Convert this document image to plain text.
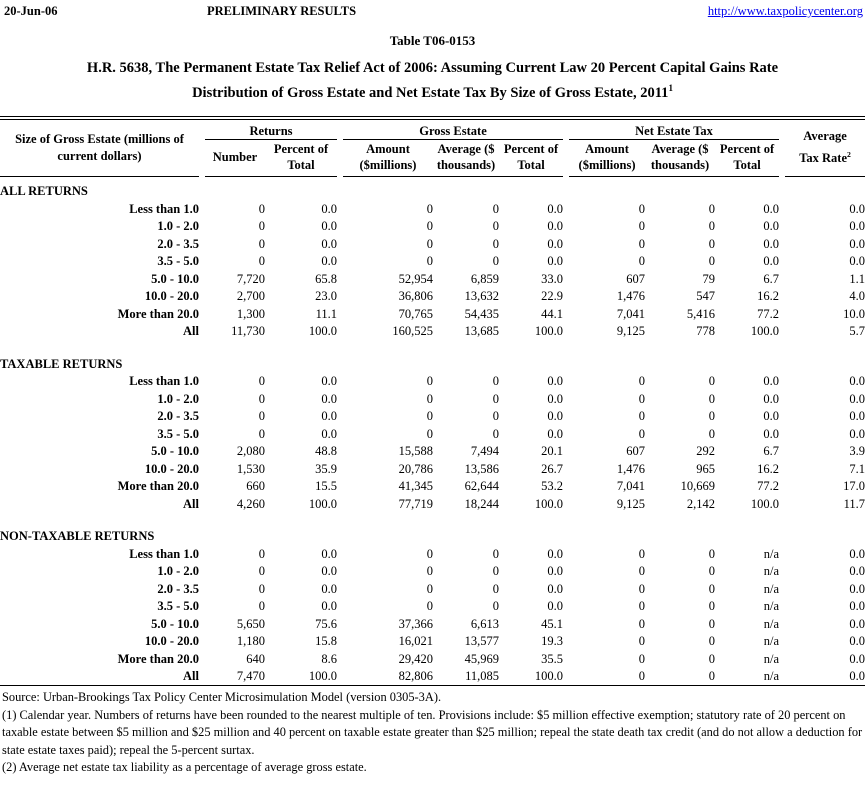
20-Jun-06	PRELIMINARY RESULTS	http://www.taxpolicycenter.org
Table T06-0153
H.R. 5638, The Permanent Estate Tax Relief Act of 2006: Assuming Current Law 20 Percent Capital Gains Rate
Distribution of Gross Estate and Net Estate Tax By Size of Gross Estate, 2011$^1$
Size of Gross Estate (millions of
current dollars)		Returns			Gross Estate				Net Estate Tax				Average
Tax Rate$^2$
		Number	Percent of Total		Amount ($millions)	Average ($ thousands)	Percent of Total		Amount ($millions)	Average ($ thousands)	Percent of Total		

ALL RETURNS													
Less than 1.0		0	0.0		0	0	0.0		0	0	0.0		0.0
1.0 - 2.0		0	0.0		0	0	0.0		0	0	0.0		0.0
2.0 - 3.5		0	0.0		0	0	0.0		0	0	0.0		0.0
3.5 - 5.0		0	0.0		0	0	0.0		0	0	0.0		0.0
5.0 - 10.0		7,720	65.8		52,954	6,859	33.0		607	79	6.7		1.1
10.0 - 20.0		2,700	23.0		36,806	13,632	22.9		1,476	547	16.2		4.0
More than 20.0		1,300	11.1		70,765	54,435	44.1		7,041	5,416	77.2		10.0
All		11,730	100.0		160,525	13,685	100.0		9,125	778	100.0		5.7

TAXABLE RETURNS													
Less than 1.0		0	0.0		0	0	0.0		0	0	0.0		0.0
1.0 - 2.0		0	0.0		0	0	0.0		0	0	0.0		0.0
2.0 - 3.5		0	0.0		0	0	0.0		0	0	0.0		0.0
3.5 - 5.0		0	0.0		0	0	0.0		0	0	0.0		0.0
5.0 - 10.0		2,080	48.8		15,588	7,494	20.1		607	292	6.7		3.9
10.0 - 20.0		1,530	35.9		20,786	13,586	26.7		1,476	965	16.2		7.1
More than 20.0		660	15.5		41,345	62,644	53.2		7,041	10,669	77.2		17.0
All		4,260	100.0		77,719	18,244	100.0		9,125	2,142	100.0		11.7

NON-TAXABLE RETURNS													
Less than 1.0		0	0.0		0	0	0.0		0	0	n/a		0.0
1.0 - 2.0		0	0.0		0	0	0.0		0	0	n/a		0.0
2.0 - 3.5		0	0.0		0	0	0.0		0	0	n/a		0.0
3.5 - 5.0		0	0.0		0	0	0.0		0	0	n/a		0.0
5.0 - 10.0		5,650	75.6		37,366	6,613	45.1		0	0	n/a		0.0
10.0 - 20.0		1,180	15.8		16,021	13,577	19.3		0	0	n/a		0.0
More than 20.0		640	8.6		29,420	45,969	35.5		0	0	n/a		0.0
All		7,470	100.0		82,806	11,085	100.0		0	0	n/a		0.0
Source: Urban-Brookings Tax Policy Center Microsimulation Model (version 0305-3A).
(1) Calendar year. Numbers of returns have been rounded to the nearest multiple of ten. Provisions include: $5 million effective exemption; statutory rate of 20 percent on taxable estate between $5 million and $25 million and 40 percent on taxable estate greater than $25 million; repeal the state death tax credit (and do not allow a deduction for state estate taxes paid); repeal the 5-percent surtax.
(2) Average net estate tax liability as a percentage of average gross estate.
